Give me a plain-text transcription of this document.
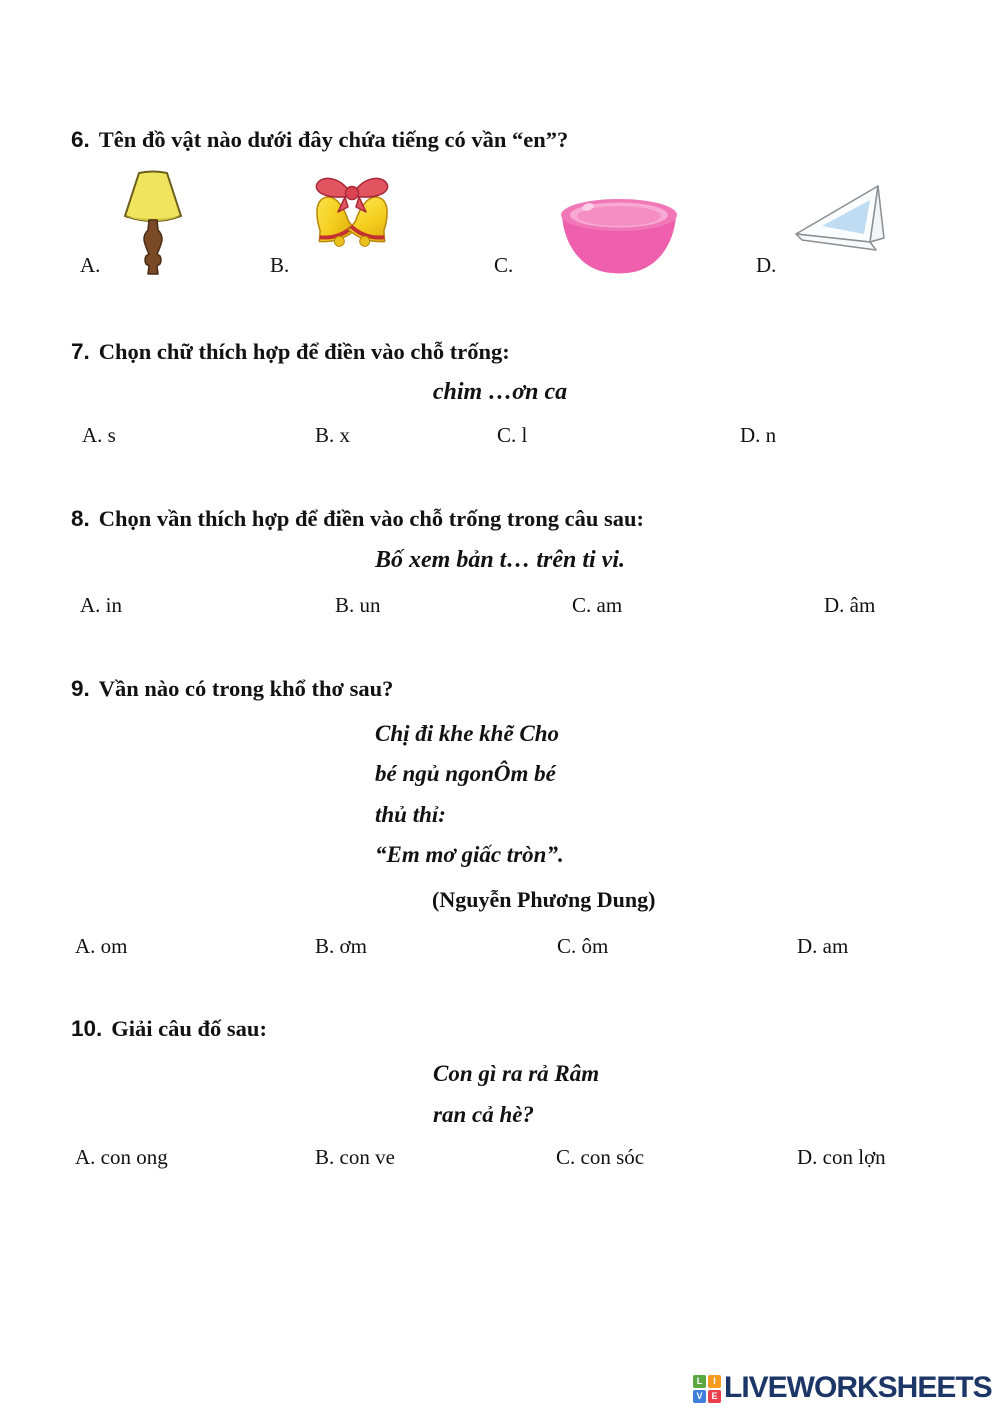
6. Tên đồ vật nào dưới đây chứa tiếng có vần “en”?
A.	B.	C.	D.
7. Chọn chữ thích hợp để điền vào chỗ trống:
chim …ơn ca
A. s	B. x	C. l	D. n
8. Chọn vần thích hợp để điền vào chỗ trống trong câu sau:
Bố xem bản t… trên ti vi.
A. in	B. un	C. am	D. âm
9. Vần nào có trong khổ thơ sau?
Chị đi khe khẽ Cho
bé ngủ ngonÔm bé
thủ thỉ:
“Em mơ giấc tròn”.
(Nguyễn Phương Dung)
A. om	B. ơm	C. ôm	D. am
10. Giải câu đố sau:
Con gì ra rả Râm
ran cả hè?
A. con ong	B. con ve	C. con sóc	D. con lợn
L I
V E LIVEWORKSHEETS
